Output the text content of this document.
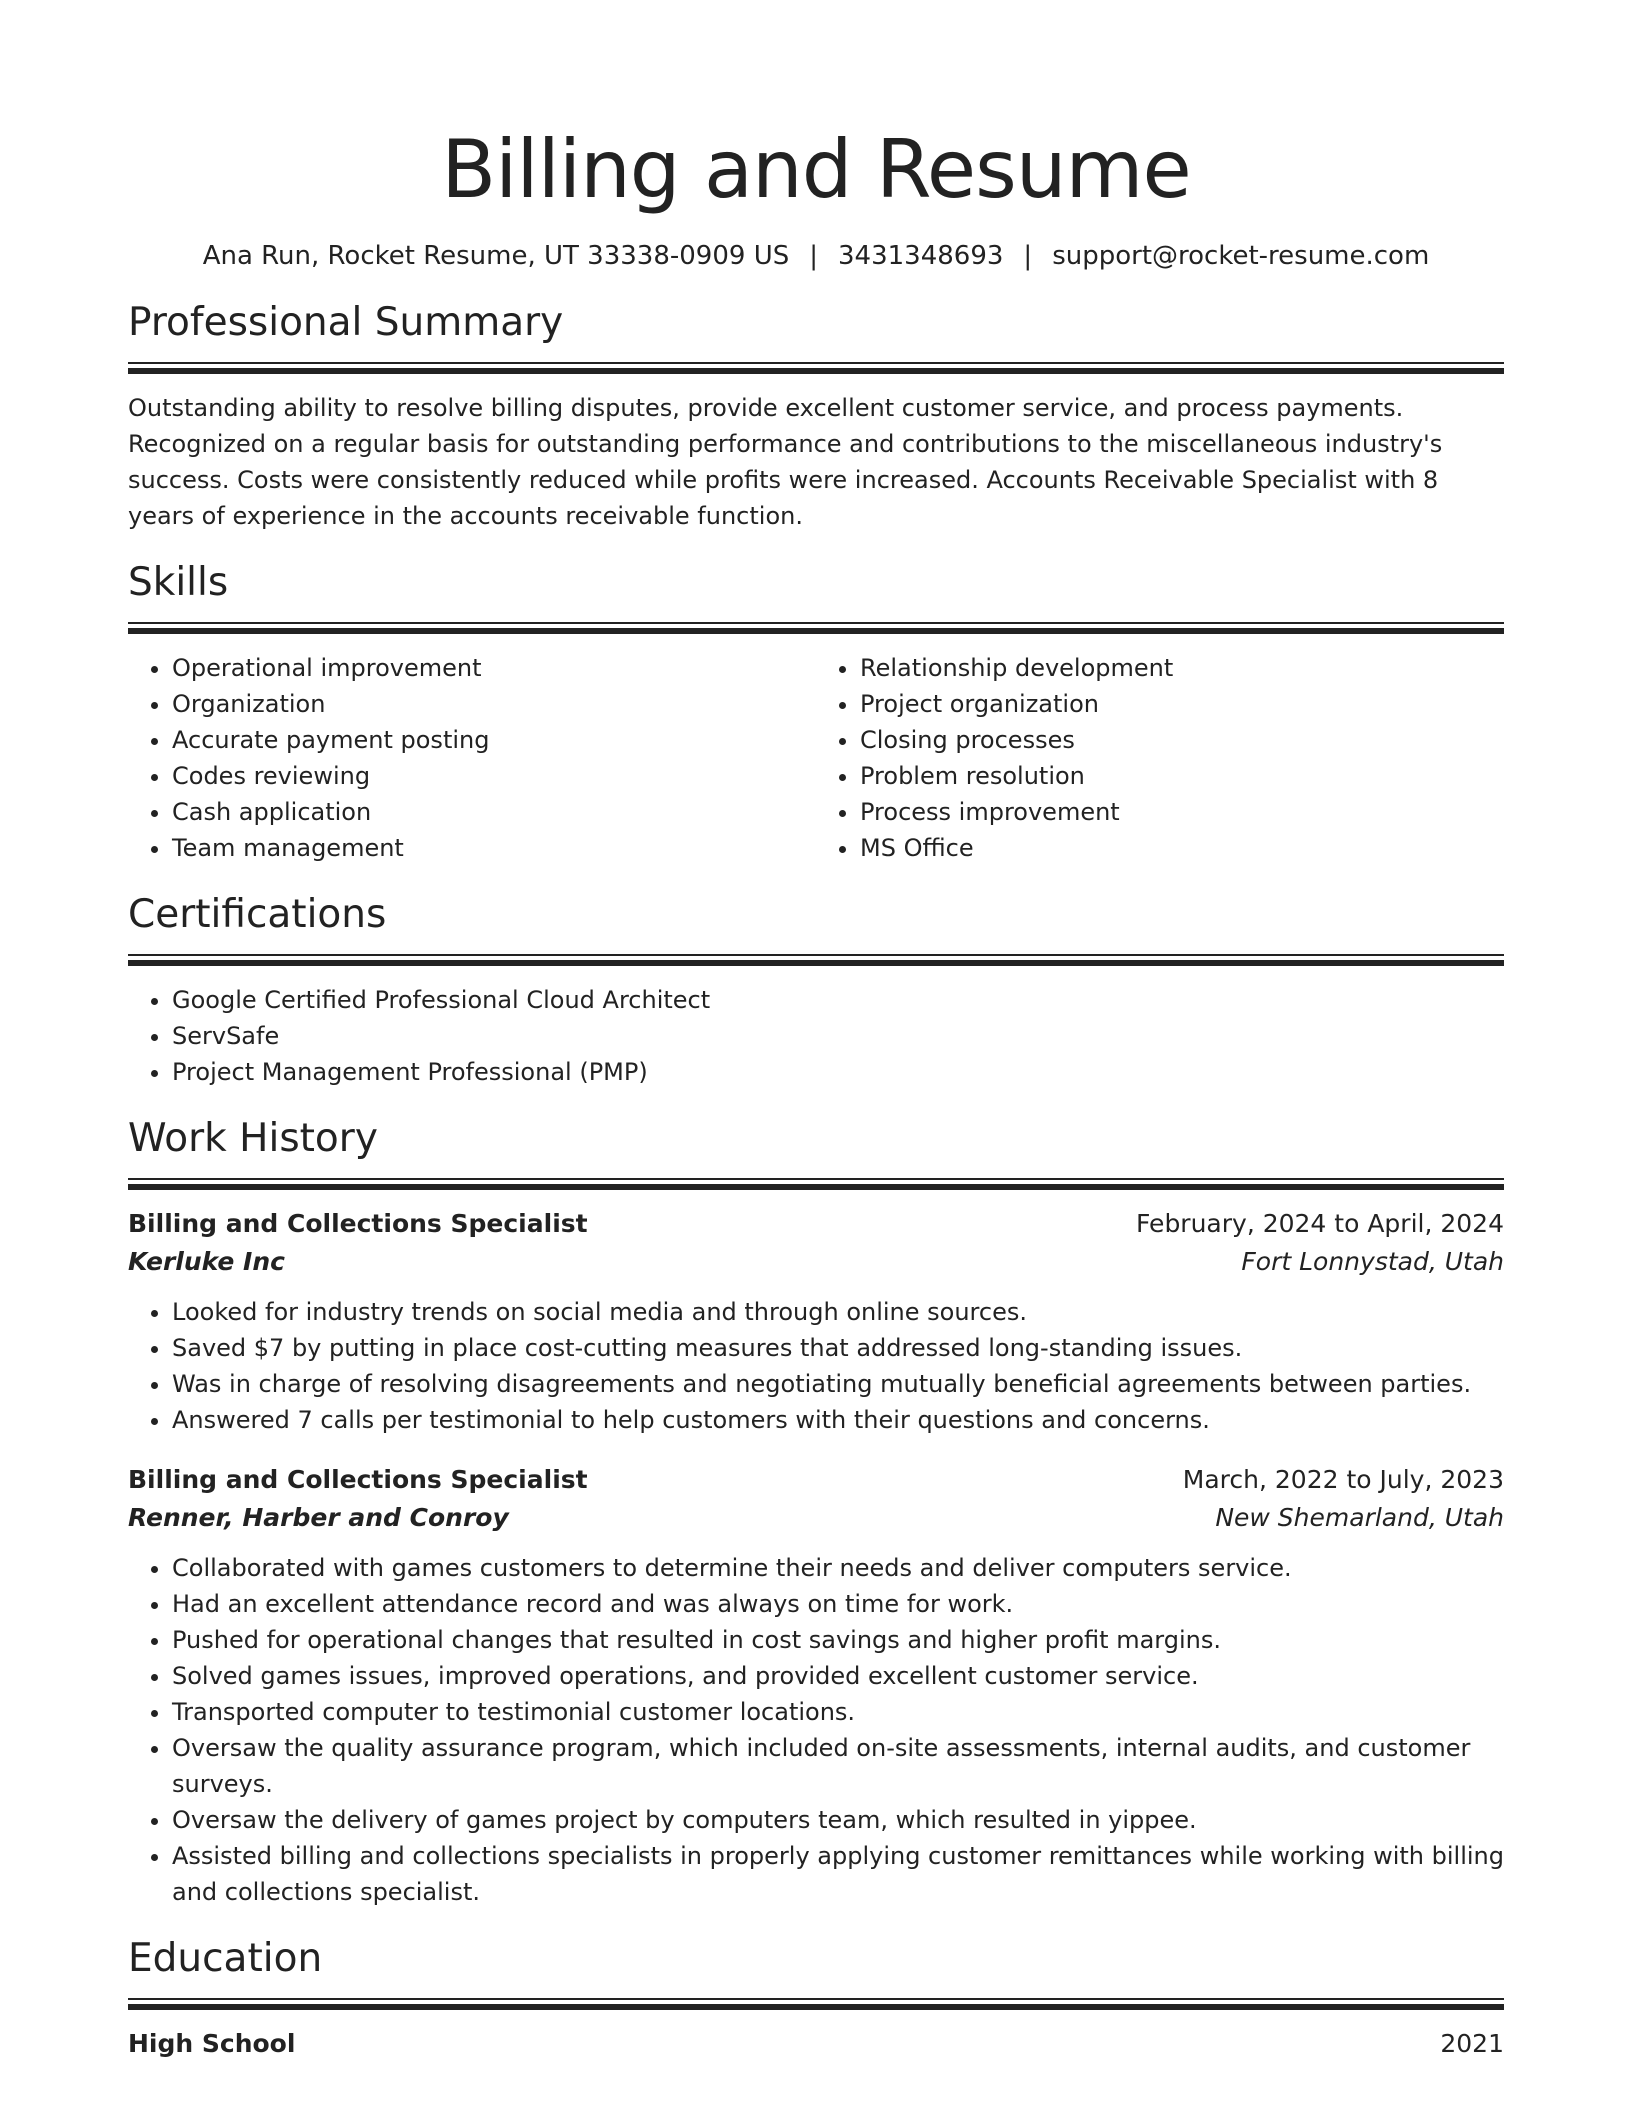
Billing and Resume
Ana Run, Rocket Resume, UT 33338-0909 US | 3431348693 | support@rocket-resume.com
Professional Summary

Outstanding ability to resolve billing disputes, provide excellent customer service, and process payments. Recognized on a regular basis for outstanding performance and contributions to the miscellaneous industry's success. Costs were consistently reduced while profits were increased. Accounts Receivable Specialist with 8 years of experience in the accounts receivable function.

Skills
• Operational improvement
• Organization
• Accurate payment posting
• Codes reviewing
• Cash application
• Team management
• Relationship development
• Project organization
• Closing processes
• Problem resolution
• Process improvement
• MS Office
Certifications
• Google Certified Professional Cloud Architect
• ServSafe
• Project Management Professional (PMP)
Work History
Billing and Collections Specialist	February, 2024 to April, 2024
Kerluke Inc	Fort Lonnystad, Utah
• Looked for industry trends on social media and through online sources.
• Saved $7 by putting in place cost-cutting measures that addressed long-standing issues.
• Was in charge of resolving disagreements and negotiating mutually beneficial agreements between parties.
• Answered 7 calls per testimonial to help customers with their questions and concerns.
Billing and Collections Specialist	March, 2022 to July, 2023
Renner, Harber and Conroy	New Shemarland, Utah
• Collaborated with games customers to determine their needs and deliver computers service.
• Had an excellent attendance record and was always on time for work.
• Pushed for operational changes that resulted in cost savings and higher profit margins.
• Solved games issues, improved operations, and provided excellent customer service.
• Transported computer to testimonial customer locations.
• Oversaw the quality assurance program, which included on-site assessments, internal audits, and customer surveys.
• Oversaw the delivery of games project by computers team, which resulted in yippee.
• Assisted billing and collections specialists in properly applying customer remittances while working with billing and collections specialist.
Education
High School	2021
